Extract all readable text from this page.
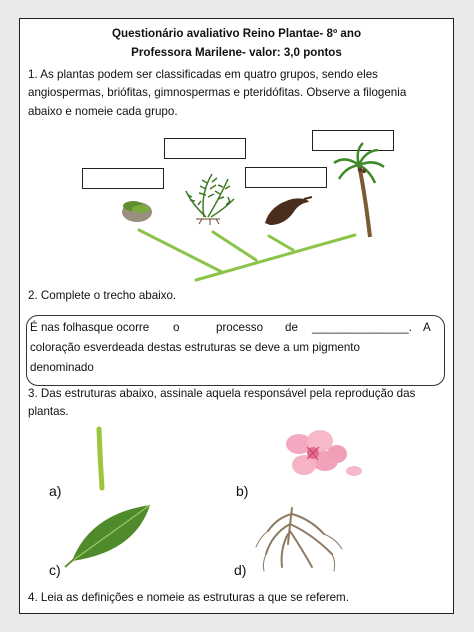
Questionário avaliativo Reino Plantae- 8º ano
Professora Marilene- valor: 3,0 pontos
1. As plantas podem ser classificadas em quatro grupos, sendo eles
angiospermas, briófitas, gimnospermas e pteridófitas. Observe a filogenia
abaixo e nomeie cada grupo.
2. Complete o trecho abaixo.
É nas folhasque ocorre o	processo de _______________. A
coloração esverdeada destas estruturas se deve a um pigmento
denominado
3. Das estruturas abaixo, assinale aquela responsável pela reprodução das
plantas.
a)	b)
c)	d)
4. Leia as definições e nomeie as estruturas a que se referem.
